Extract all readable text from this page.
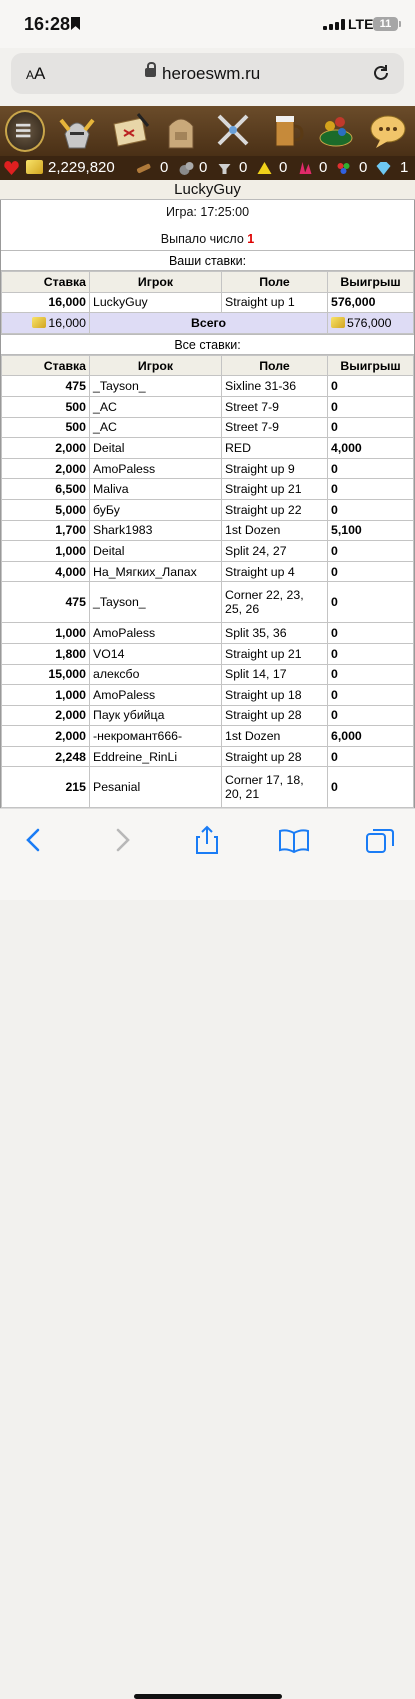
16:28	LTE 11
AA	heroeswm.ru
2,229,820	0 0 0 0 0 0 1
LuckyGuy
Игра: 17:25:00
Выпало число 1
Ваши ставки:
Ставка	Игрок	Поле	Выигрыш
16,000	LuckyGuy	Straight up 1	576,000
16,000	Всего		576,000
Все ставки:
Ставка	Игрок	Поле	Выигрыш
475	_Tayson_	Sixline 31-36	0
500	_AC	Street 7-9	0
500	_AC	Street 7-9	0
2,000	Deital	RED	4,000
2,000	AmoPaless	Straight up 9	0
6,500	Maliva	Straight up 21	0
5,000	буБу	Straight up 22	0
1,700	Shark1983	1st Dozen	5,100
1,000	Deital	Split 24, 27	0
4,000	На_Мягких_Лапах	Straight up 4	0
475	_Tayson_	Corner 22, 23, 25, 26	0
1,000	AmoPaless	Split 35, 36	0
1,800	VO14	Straight up 21	0
15,000	алексбо	Split 14, 17	0
1,000	AmoPaless	Straight up 18	0
2,000	Паук убийца	Straight up 28	0
2,000	-некромант666-	1st Dozen	6,000
2,248	Eddreine_RinLi	Straight up 28	0
215	Pesanial	Corner 17, 18, 20, 21	0
